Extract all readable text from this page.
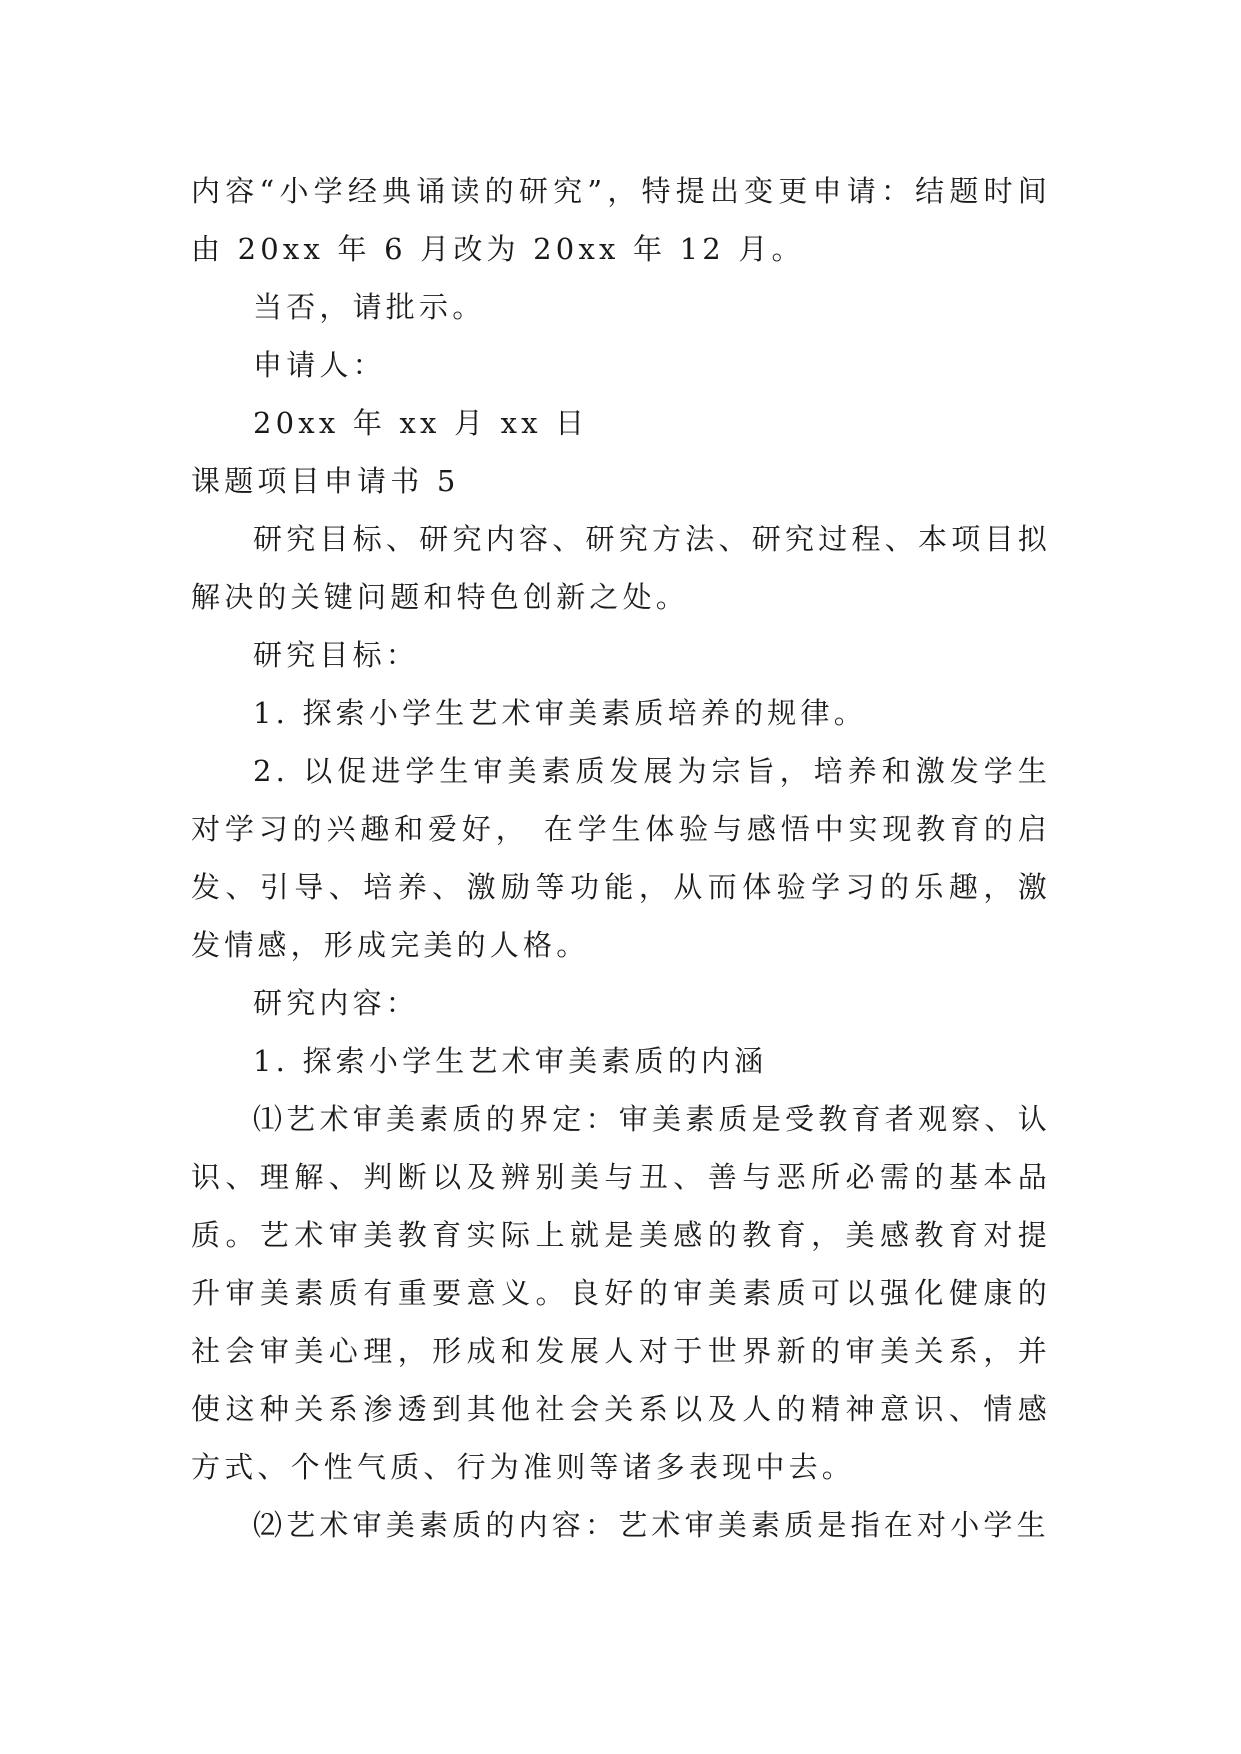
内容“小学经典诵读的研究”，特提出变更申请：结题时间由 20xx 年 6 月改为 20xx 年 12 月。

当否，请批示。

申请人：

20xx 年 xx 月 xx 日

课题项目申请书 5

研究目标、研究内容、研究方法、研究过程、本项目拟解决的关键问题和特色创新之处。

研究目标：

1. 探索小学生艺术审美素质培养的规律。

2. 以促进学生审美素质发展为宗旨，培养和激发学生对学习的兴趣和爱好， 在学生体验与感悟中实现教育的启发、引导、培养、激励等功能，从而体验学习的乐趣，激发情感，形成完美的人格。

研究内容：

1. 探索小学生艺术审美素质的内涵

⑴艺术审美素质的界定：审美素质是受教育者观察、认识、理解、判断以及辨别美与丑、善与恶所必需的基本品质。艺术审美教育实际上就是美感的教育，美感教育对提升审美素质有重要意义。良好的审美素质可以强化健康的社会审美心理，形成和发展人对于世界新的审美关系，并使这种关系渗透到其他社会关系以及人的精神意识、情感方式、个性气质、行为准则等诸多表现中去。

⑵艺术审美素质的内容：艺术审美素质是指在对小学生
